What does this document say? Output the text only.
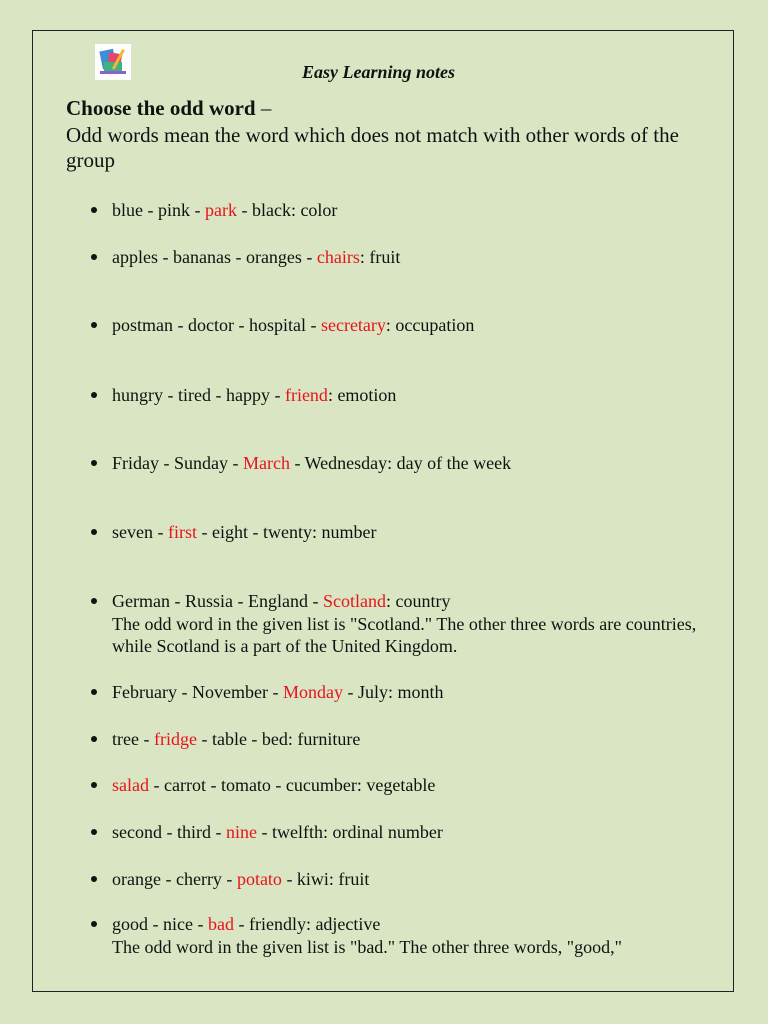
Easy Learning notes
Choose the odd word –
Odd words mean the word which does not match with other words of the group
blue - pink - park - black: color
apples - bananas - oranges - chairs: fruit
postman - doctor - hospital - secretary: occupation
hungry - tired - happy - friend: emotion
Friday - Sunday - March - Wednesday: day of the week
seven - first - eight - twenty: number
German - Russia - England - Scotland: country
The odd word in the given list is "Scotland." The other three words are countries, while Scotland is a part of the United Kingdom.
February - November - Monday - July: month
tree - fridge - table - bed: furniture
salad - carrot - tomato - cucumber: vegetable
second - third - nine - twelfth: ordinal number
orange - cherry - potato - kiwi: fruit
good - nice - bad - friendly: adjective
The odd word in the given list is "bad." The other three words, "good,"
